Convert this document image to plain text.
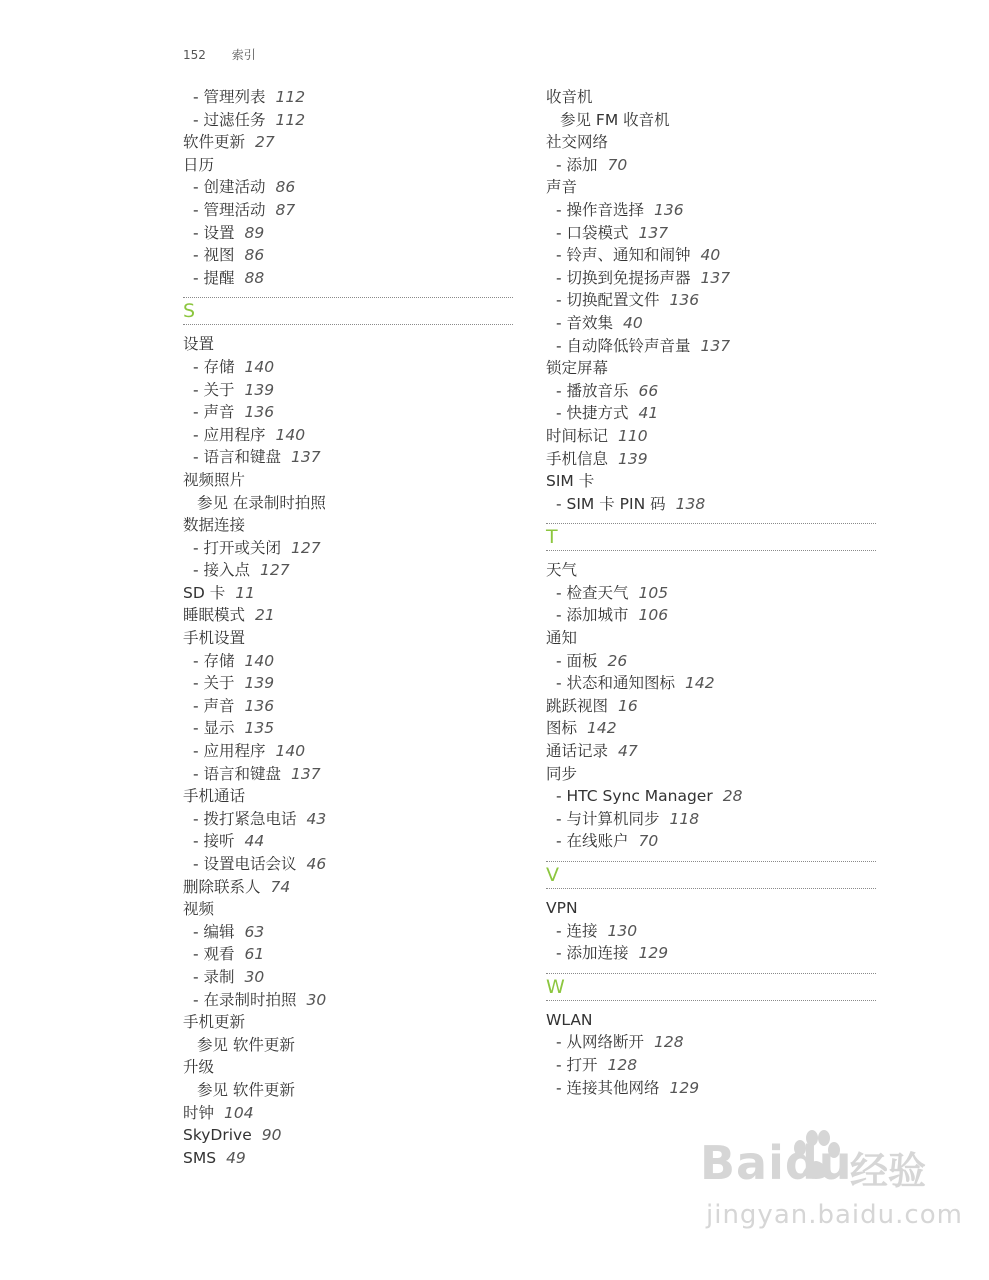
152 索引
- 管理列表 112
- 过滤任务 112
软件更新 27
日历
- 创建活动 86
- 管理活动 87
- 设置 89
- 视图 86
- 提醒 88
S
设置
- 存储 140
- 关于 139
- 声音 136
- 应用程序 140
- 语言和键盘 137
视频照片
参见 在录制时拍照
数据连接
- 打开或关闭 127
- 接入点 127
SD 卡 11
睡眠模式 21
手机设置
- 存储 140
- 关于 139
- 声音 136
- 显示 135
- 应用程序 140
- 语言和键盘 137
手机通话
- 拨打紧急电话 43
- 接听 44
- 设置电话会议 46
删除联系人 74
视频
- 编辑 63
- 观看 61
- 录制 30
- 在录制时拍照 30
手机更新
参见 软件更新
升级
参见 软件更新
时钟 104
SkyDrive 90
SMS 49
收音机
参见 FM 收音机
社交网络
- 添加 70
声音
- 操作音选择 136
- 口袋模式 137
- 铃声、通知和闹钟 40
- 切换到免提扬声器 137
- 切换配置文件 136
- 音效集 40
- 自动降低铃声音量 137
锁定屏幕
- 播放音乐 66
- 快捷方式 41
时间标记 110
手机信息 139
SIM 卡
- SIM 卡 PIN 码 138
T
天气
- 检查天气 105
- 添加城市 106
通知
- 面板 26
- 状态和通知图标 142
跳跃视图 16
图标 142
通话记录 47
同步
- HTC Sync Manager 28
- 与计算机同步 118
- 在线账户 70
V
VPN
- 连接 130
- 添加连接 129
W
WLAN
- 从网络断开 128
- 打开 128
- 连接其他网络 129
Baidu
经验
jingyan.baidu.com
